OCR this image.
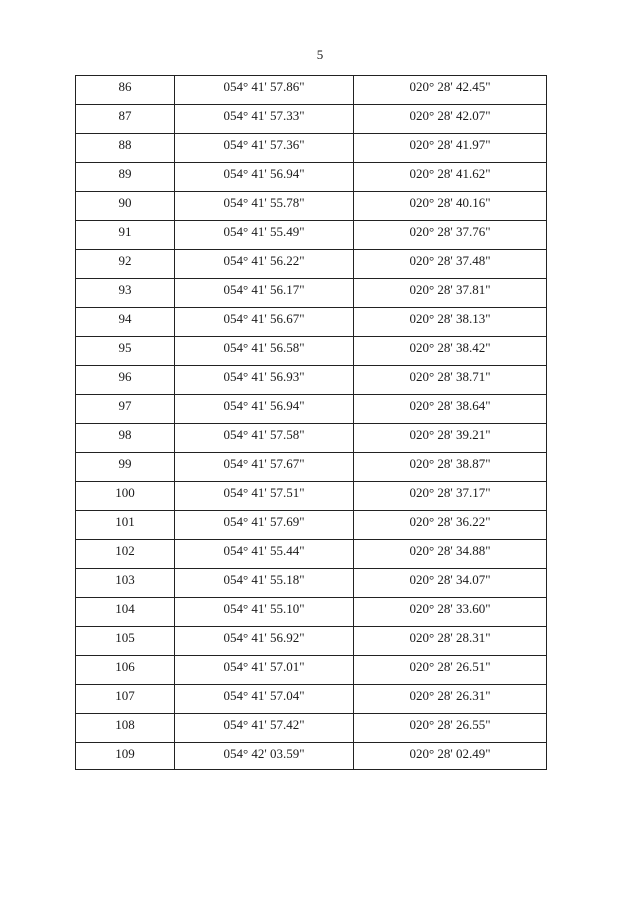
5
86	054° 41' 57.86"	020° 28' 42.45"
87	054° 41' 57.33"	020° 28' 42.07"
88	054° 41' 57.36"	020° 28' 41.97"
89	054° 41' 56.94"	020° 28' 41.62"
90	054° 41' 55.78"	020° 28' 40.16"
91	054° 41' 55.49"	020° 28' 37.76"
92	054° 41' 56.22"	020° 28' 37.48"
93	054° 41' 56.17"	020° 28' 37.81"
94	054° 41' 56.67"	020° 28' 38.13"
95	054° 41' 56.58"	020° 28' 38.42"
96	054° 41' 56.93"	020° 28' 38.71"
97	054° 41' 56.94"	020° 28' 38.64"
98	054° 41' 57.58"	020° 28' 39.21"
99	054° 41' 57.67"	020° 28' 38.87"
100	054° 41' 57.51"	020° 28' 37.17"
101	054° 41' 57.69"	020° 28' 36.22"
102	054° 41' 55.44"	020° 28' 34.88"
103	054° 41' 55.18"	020° 28' 34.07"
104	054° 41' 55.10"	020° 28' 33.60"
105	054° 41' 56.92"	020° 28' 28.31"
106	054° 41' 57.01"	020° 28' 26.51"
107	054° 41' 57.04"	020° 28' 26.31"
108	054° 41' 57.42"	020° 28' 26.55"
109	054° 42' 03.59"	020° 28' 02.49"
